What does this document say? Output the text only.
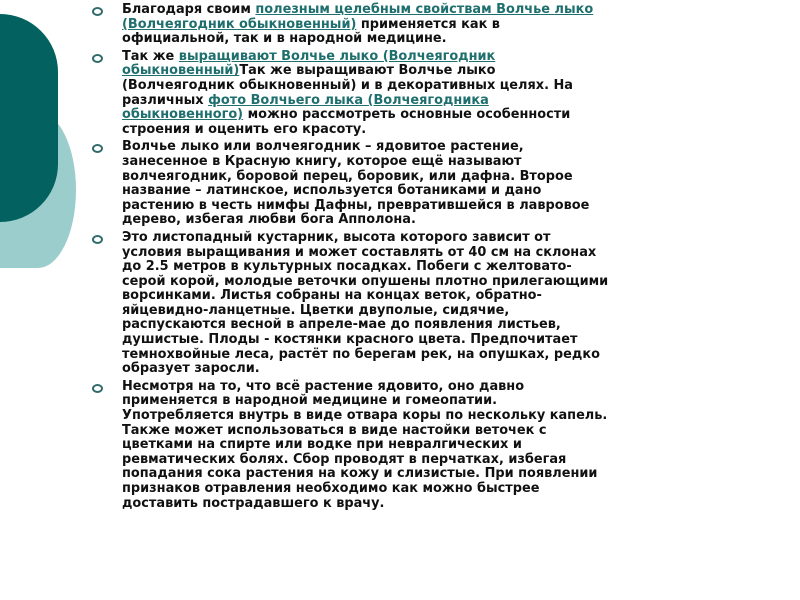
Благодаря своим полезным целебным свойствам Волчье лыко
(Волчеягодник обыкновенный) применяется как в
официальной, так и в народной медицине.
Так же выращивают Волчье лыко (Волчеягодник
обыкновенный)Так же выращивают Волчье лыко
(Волчеягодник обыкновенный) и в декоративных целях. На
различных фото Волчьего лыка (Волчеягодника
обыкновенного) можно рассмотреть основные особенности
строения и оценить его красоту.
Волчье лыко или волчеягодник – ядовитое растение,
занесенное в Красную книгу, которое ещё называют
волчеягодник, боровой перец, боровик, или дафна. Второе
название – латинское, используется ботаниками и дано
растению в честь нимфы Дафны, превратившейся в лавровое
дерево, избегая любви бога Апполона.
Это листопадный кустарник, высота которого зависит от
условия выращивания и может составлять от 40 см на склонах
до 2.5 метров в культурных посадках. Побеги с желтовато-
серой корой, молодые веточки опушены плотно прилегающими
ворсинками. Листья собраны на концах веток, обратно-
яйцевидно-ланцетные. Цветки двуполые, сидячие,
распускаются весной в апреле-мае до появления листьев,
душистые. Плоды - костянки красного цвета. Предпочитает
темнохвойные леса, растёт по берегам рек, на опушках, редко
образует заросли.
Несмотря на то, что всё растение ядовито, оно давно
применяется в народной медицине и гомеопатии.
Употребляется внутрь в виде отвара коры по нескольку капель.
Также может использоваться в виде настойки веточек с
цветками на спирте или водке при невралгических и
ревматических болях. Сбор проводят в перчатках, избегая
попадания сока растения на кожу и слизистые. При появлении
признаков отравления необходимо как можно быстрее
доставить пострадавшего к врачу.
